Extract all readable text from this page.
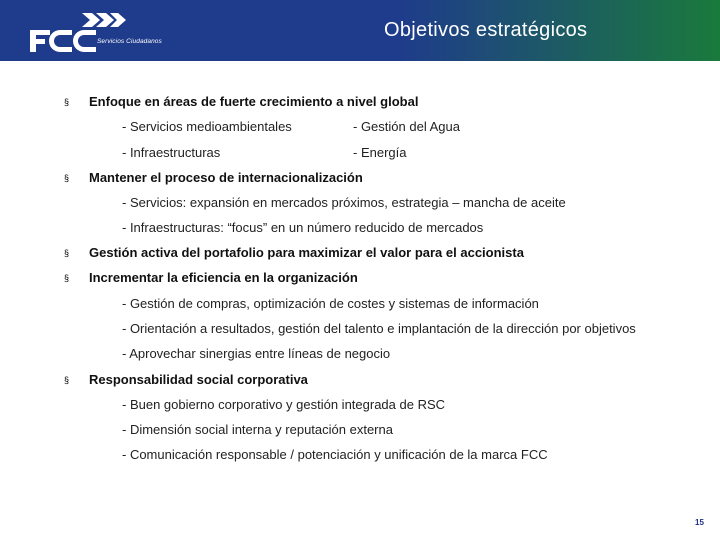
Servicios Ciudadanos
Objetivos estratégicos
§ Enfoque en áreas de fuerte crecimiento a nivel global
- Servicios medioambientales	- Gestión del Agua
- Infraestructuras	- Energía
§ Mantener el proceso de internacionalización
- Servicios: expansión en mercados próximos, estrategia – mancha de aceite
- Infraestructuras: “focus” en un número reducido de mercados
§ Gestión activa del portafolio para maximizar el valor para el accionista
§ Incrementar la eficiencia en la organización
- Gestión de compras, optimización de costes y sistemas de información
- Orientación a resultados, gestión del talento e implantación de la dirección por objetivos
- Aprovechar sinergias entre líneas de negocio
§ Responsabilidad social corporativa
- Buen gobierno corporativo y gestión integrada de RSC
- Dimensión social interna y reputación externa
- Comunicación responsable / potenciación y unificación de la marca FCC
15
